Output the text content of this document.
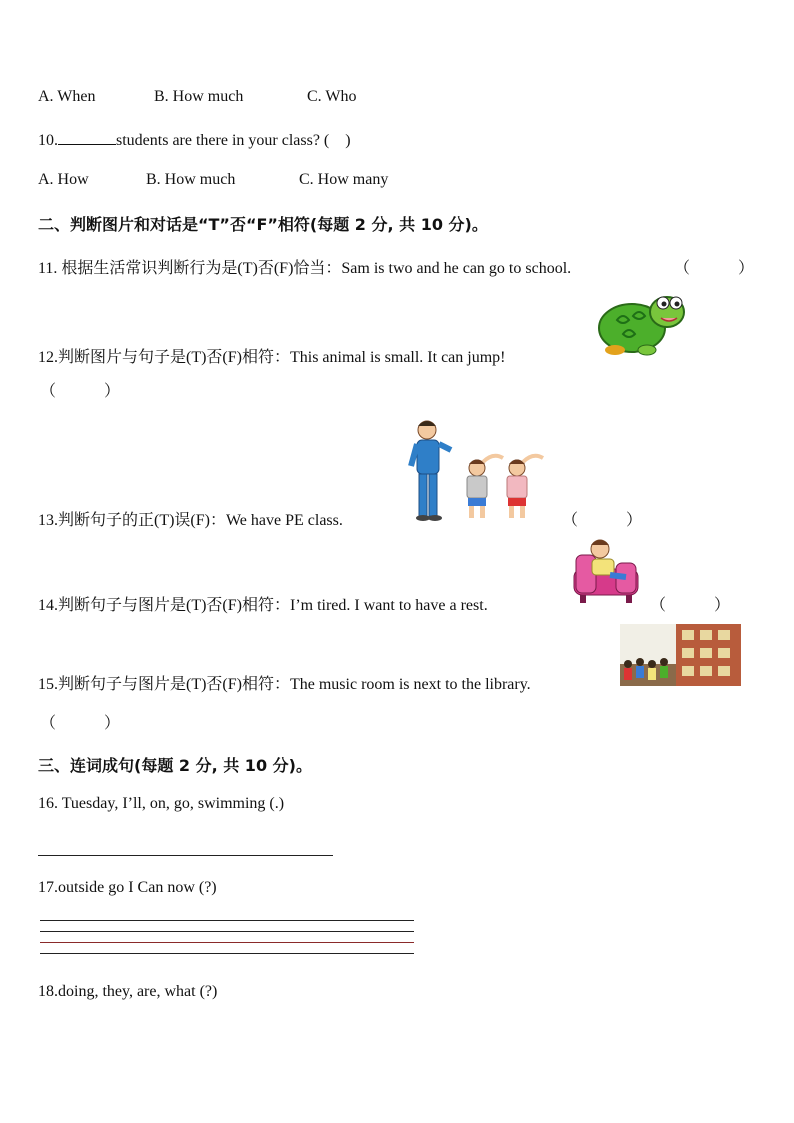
A. When	B. How much	C. Who
10.	students are there in your class? ( )
A. How	B. How much	C. How many
二、判断图片和对话是“T”否“F”相符(每题 2 分, 共 10 分)。
11. 根据生活常识判断行为是(T)否(F)恰当：Sam is two and he can go to school.	（　　　）
12.判断图片与句子是(T)否(F)相符：This animal is small. It can jump!
（　　　）
13.判断句子的正(T)误(F)：We have PE class.	（　　　）
14.判断句子与图片是(T)否(F)相符：I’m tired. I want to have a rest.	（　　　）
15.判断句子与图片是(T)否(F)相符：The music room is next to the library.
（　　　）
三、连词成句(每题 2 分, 共 10 分)。
16. Tuesday, I’ll, on, go, swimming (.)
17.outside go I Can now (?)
18.doing, they, are, what (?)
